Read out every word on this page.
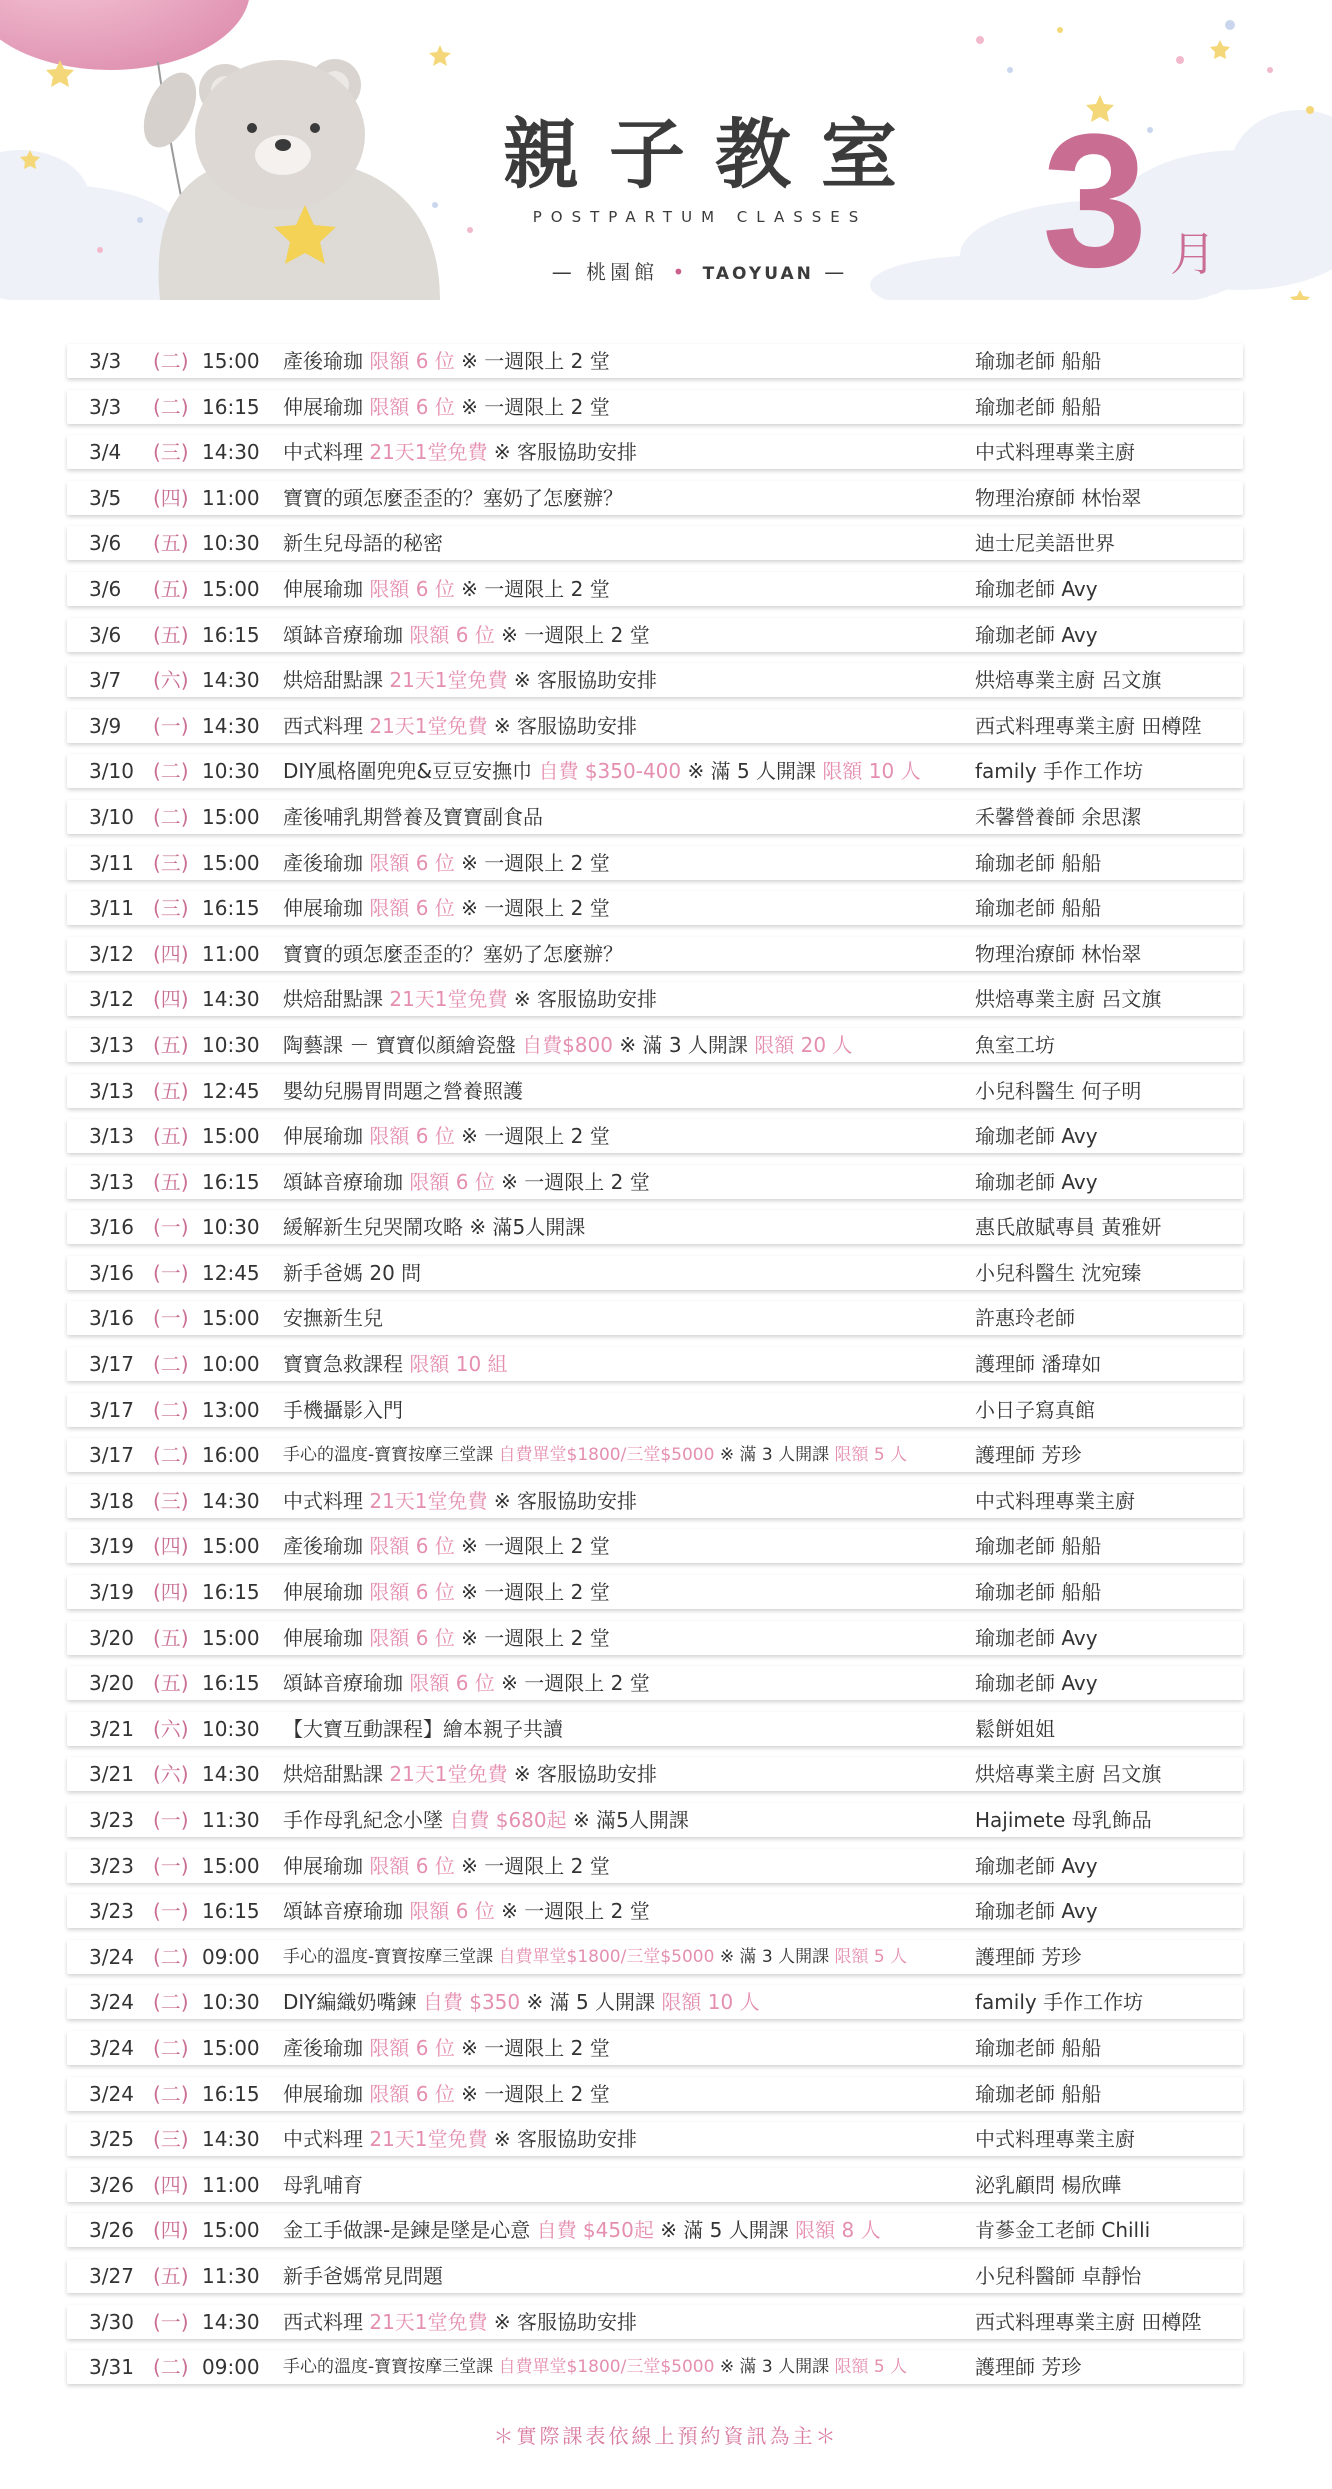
親子教室
POSTPARTUM CLASSES
— 桃園館 • TAOYUAN —	3 月
3/3 (二) 15:00 產後瑜珈 限額 6 位 ※ 一週限上 2 堂	瑜珈老師 船船
3/3 (二) 16:15 伸展瑜珈 限額 6 位 ※ 一週限上 2 堂	瑜珈老師 船船
3/4 (三) 14:30 中式料理 21天1堂免費 ※ 客服協助安排	中式料理專業主廚
3/5 (四) 11:00 寶寶的頭怎麼歪歪的？塞奶了怎麼辦？	物理治療師 林怡翠
3/6 (五) 10:30 新生兒母語的秘密	迪士尼美語世界
3/6 (五) 15:00 伸展瑜珈 限額 6 位 ※ 一週限上 2 堂	瑜珈老師 Avy
3/6 (五) 16:15 頌缽音療瑜珈 限額 6 位 ※ 一週限上 2 堂	瑜珈老師 Avy
3/7 (六) 14:30 烘焙甜點課 21天1堂免費 ※ 客服協助安排	烘焙專業主廚 呂文旗
3/9 (一) 14:30 西式料理 21天1堂免費 ※ 客服協助安排	西式料理專業主廚 田樽陞
3/10 (二) 10:30 DIY風格圍兜兜&豆豆安撫巾 自費 $350-400 ※ 滿 5 人開課 限額 10 人	family 手作工作坊
3/10 (二) 15:00 產後哺乳期營養及寶寶副食品	禾馨營養師 余思潔
3/11 (三) 15:00 產後瑜珈 限額 6 位 ※ 一週限上 2 堂	瑜珈老師 船船
3/11 (三) 16:15 伸展瑜珈 限額 6 位 ※ 一週限上 2 堂	瑜珈老師 船船
3/12 (四) 11:00 寶寶的頭怎麼歪歪的？塞奶了怎麼辦？	物理治療師 林怡翠
3/12 (四) 14:30 烘焙甜點課 21天1堂免費 ※ 客服協助安排	烘焙專業主廚 呂文旗
3/13 (五) 10:30 陶藝課 － 寶寶似顏繪瓷盤 自費$800 ※ 滿 3 人開課 限額 20 人	魚室工坊
3/13 (五) 12:45 嬰幼兒腸胃問題之營養照護	小兒科醫生 何子明
3/13 (五) 15:00 伸展瑜珈 限額 6 位 ※ 一週限上 2 堂	瑜珈老師 Avy
3/13 (五) 16:15 頌缽音療瑜珈 限額 6 位 ※ 一週限上 2 堂	瑜珈老師 Avy
3/16 (一) 10:30 緩解新生兒哭鬧攻略 ※ 滿5人開課	惠氏啟賦專員 黃雅妍
3/16 (一) 12:45 新手爸媽 20 問	小兒科醫生 沈宛臻
3/16 (一) 15:00 安撫新生兒	許惠玲老師
3/17 (二) 10:00 寶寶急救課程 限額 10 組	護理師 潘瑋如
3/17 (二) 13:00 手機攝影入門	小日子寫真館
3/17 (二) 16:00 手心的溫度-寶寶按摩三堂課 自費單堂$1800/三堂$5000 ※ 滿 3 人開課 限額 5 人	護理師 芳珍
3/18 (三) 14:30 中式料理 21天1堂免費 ※ 客服協助安排	中式料理專業主廚
3/19 (四) 15:00 產後瑜珈 限額 6 位 ※ 一週限上 2 堂	瑜珈老師 船船
3/19 (四) 16:15 伸展瑜珈 限額 6 位 ※ 一週限上 2 堂	瑜珈老師 船船
3/20 (五) 15:00 伸展瑜珈 限額 6 位 ※ 一週限上 2 堂	瑜珈老師 Avy
3/20 (五) 16:15 頌缽音療瑜珈 限額 6 位 ※ 一週限上 2 堂	瑜珈老師 Avy
3/21 (六) 10:30 【大寶互動課程】繪本親子共讀	鬆餅姐姐
3/21 (六) 14:30 烘焙甜點課 21天1堂免費 ※ 客服協助安排	烘焙專業主廚 呂文旗
3/23 (一) 11:30 手作母乳紀念小墜 自費 $680起 ※ 滿5人開課	Hajimete 母乳飾品
3/23 (一) 15:00 伸展瑜珈 限額 6 位 ※ 一週限上 2 堂	瑜珈老師 Avy
3/23 (一) 16:15 頌缽音療瑜珈 限額 6 位 ※ 一週限上 2 堂	瑜珈老師 Avy
3/24 (二) 09:00 手心的溫度-寶寶按摩三堂課 自費單堂$1800/三堂$5000 ※ 滿 3 人開課 限額 5 人	護理師 芳珍
3/24 (二) 10:30 DIY編織奶嘴鍊 自費 $350 ※ 滿 5 人開課 限額 10 人	family 手作工作坊
3/24 (二) 15:00 產後瑜珈 限額 6 位 ※ 一週限上 2 堂	瑜珈老師 船船
3/24 (二) 16:15 伸展瑜珈 限額 6 位 ※ 一週限上 2 堂	瑜珈老師 船船
3/25 (三) 14:30 中式料理 21天1堂免費 ※ 客服協助安排	中式料理專業主廚
3/26 (四) 11:00 母乳哺育	泌乳顧問 楊欣曄
3/26 (四) 15:00 金工手做課-是鍊是墜是心意 自費 $450起 ※ 滿 5 人開課 限額 8 人	肯蔘金工老師 Chilli
3/27 (五) 11:30 新手爸媽常見問題	小兒科醫師 卓靜怡
3/30 (一) 14:30 西式料理 21天1堂免費 ※ 客服協助安排	西式料理專業主廚 田樽陞
3/31 (二) 09:00 手心的溫度-寶寶按摩三堂課 自費單堂$1800/三堂$5000 ※ 滿 3 人開課 限額 5 人	護理師 芳珍
＊實際課表依線上預約資訊為主＊
